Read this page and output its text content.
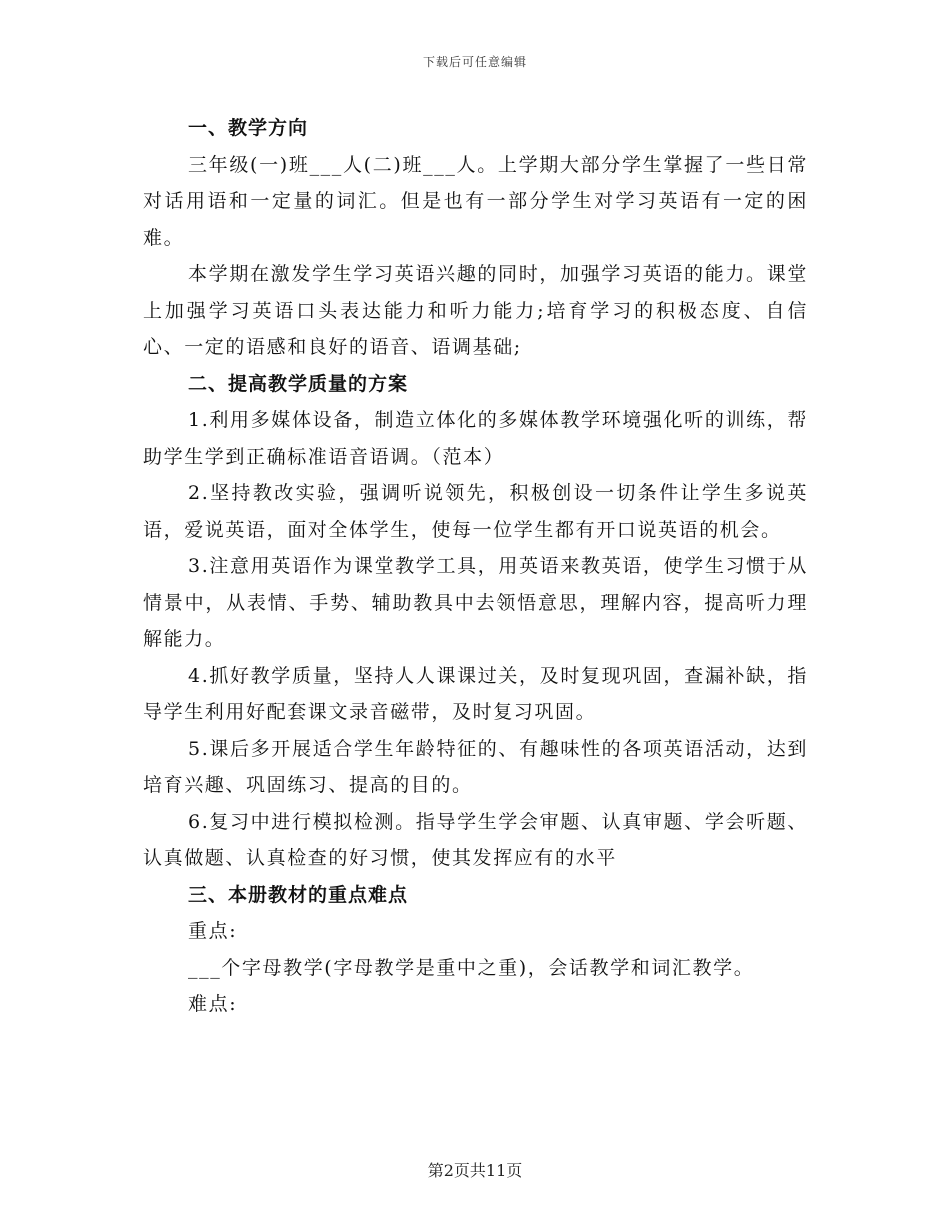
下载后可任意编辑

一、教学方向

三年级(一)班___人(二)班___人。上学期大部分学生掌握了一些日常对话用语和一定量的词汇。但是也有一部分学生对学习英语有一定的困难。

本学期在激发学生学习英语兴趣的同时，加强学习英语的能力。课堂上加强学习英语口头表达能力和听力能力;培育学习的积极态度、自信心、一定的语感和良好的语音、语调基础;

二、提高教学质量的方案

1.利用多媒体设备，制造立体化的多媒体教学环境强化听的训练，帮助学生学到正确标准语音语调。（范本）

2.坚持教改实验，强调听说领先，积极创设一切条件让学生多说英语，爱说英语，面对全体学生，使每一位学生都有开口说英语的机会。

3.注意用英语作为课堂教学工具，用英语来教英语，使学生习惯于从情景中，从表情、手势、辅助教具中去领悟意思，理解内容，提高听力理解能力。

4.抓好教学质量，坚持人人课课过关，及时复现巩固，查漏补缺，指导学生利用好配套课文录音磁带，及时复习巩固。

5.课后多开展适合学生年龄特征的、有趣味性的各项英语活动，达到培育兴趣、巩固练习、提高的目的。

6.复习中进行模拟检测。指导学生学会审题、认真审题、学会听题、认真做题、认真检查的好习惯，使其发挥应有的水平

三、本册教材的重点难点

重点:

___个字母教学(字母教学是重中之重)，会话教学和词汇教学。

难点:

第2页共11页
